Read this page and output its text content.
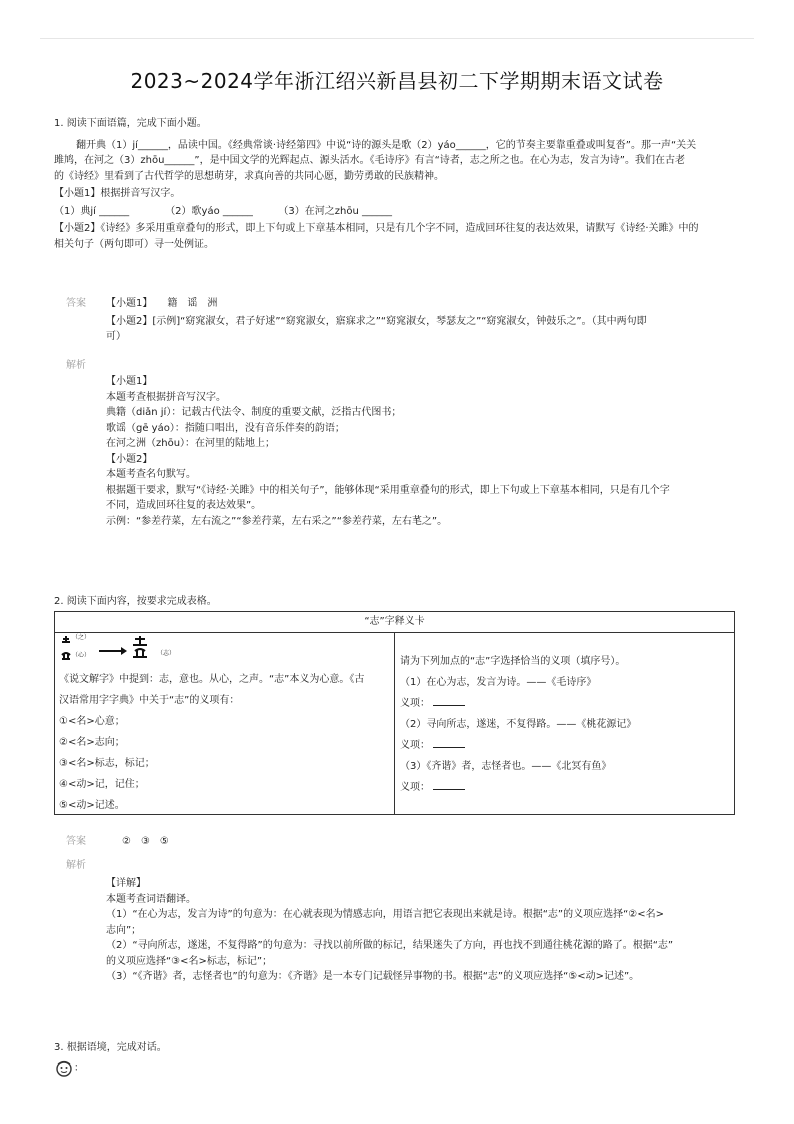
2023~2024学年浙江绍兴新昌县初二下学期期末语文试卷

1. 阅读下面语篇，完成下面小题。

翻开典（1）jí______，品读中国。《经典常谈·诗经第四》中说“诗的源头是歌（2）yáo______，它的节奏主要靠重叠或叫复沓”。那一声“关关

雎鸠，在河之（3）zhōu______”，是中国文学的光辉起点、源头活水。《毛诗序》有言“诗者，志之所之也。在心为志，发言为诗”。我们在古老

的《诗经》里看到了古代哲学的思想萌芽，求真向善的共同心愿，勤劳勇敢的民族精神。

【小题1】根据拼音写汉字。

（1）典jí ______	（2）歌yáo ______	（3）在河之zhōu ______

【小题2】《诗经》多采用重章叠句的形式，即上下句或上下章基本相同，只是有几个字不同，造成回环往复的表达效果，请默写《诗经·关雎》中的

相关句子（两句即可）寻一处例证。

答案 【小题1】　　籍　谣　洲

【小题2】[示例]“窈窕淑女，君子好逑”“窈窕淑女，寤寐求之”“窈窕淑女，琴瑟友之”“窈窕淑女，钟鼓乐之”。（其中两句即

可）

解析

【小题1】

本题考查根据拼音写汉字。

典籍（diǎn jí）：记载古代法令、制度的重要文献，泛指古代图书；

歌谣（gē yáo）：指随口唱出，没有音乐伴奏的韵语；

在河之洲（zhōu）：在河里的陆地上；

【小题2】

本题考查名句默写。

根据题干要求，默写“《诗经·关雎》中的相关句子”，能够体现“采用重章叠句的形式，即上下句或上下章基本相同，只是有几个字

不同，造成回环往复的表达效果”。

示例：“参差荇菜，左右流之”“参差荇菜，左右采之”“参差荇菜，左右芼之”。

2. 阅读下面内容，按要求完成表格。

“志”字释义卡
（之）
（心）	（志）

《说文解字》中提到：志，意也。从心，之声。“志”本义为心意。《古

汉语常用字字典》中关于“志”的义项有：

①<名>心意；

②<名>志向；

③<名>标志，标记；

④<动>记，记住；

⑤<动>记述。

请为下列加点的“志”字选择恰当的义项（填序号）。

（1）在心为志，发言为诗。——《毛诗序》

义项：

（2）寻向所志，遂迷，不复得路。——《桃花源记》

义项：

（3）《齐谐》者，志怪者也。——《北冥有鱼》

义项：

答案	②　③　⑤

解析

【详解】

本题考查词语翻译。

（1）“在心为志，发言为诗”的句意为：在心就表现为情感志向，用语言把它表现出来就是诗。根据“志”的义项应选择“②<名>

志向”；

（2）“寻向所志，遂迷，不复得路”的句意为：寻找以前所做的标记，结果迷失了方向，再也找不到通往桃花源的路了。根据“志”

的义项应选择“③<名>标志，标记”；

（3）“《齐谐》者，志怪者也”的句意为：《齐谐》是一本专门记载怪异事物的书。根据“志”的义项应选择“⑤<动>记述”。

3. 根据语境，完成对话。

：
